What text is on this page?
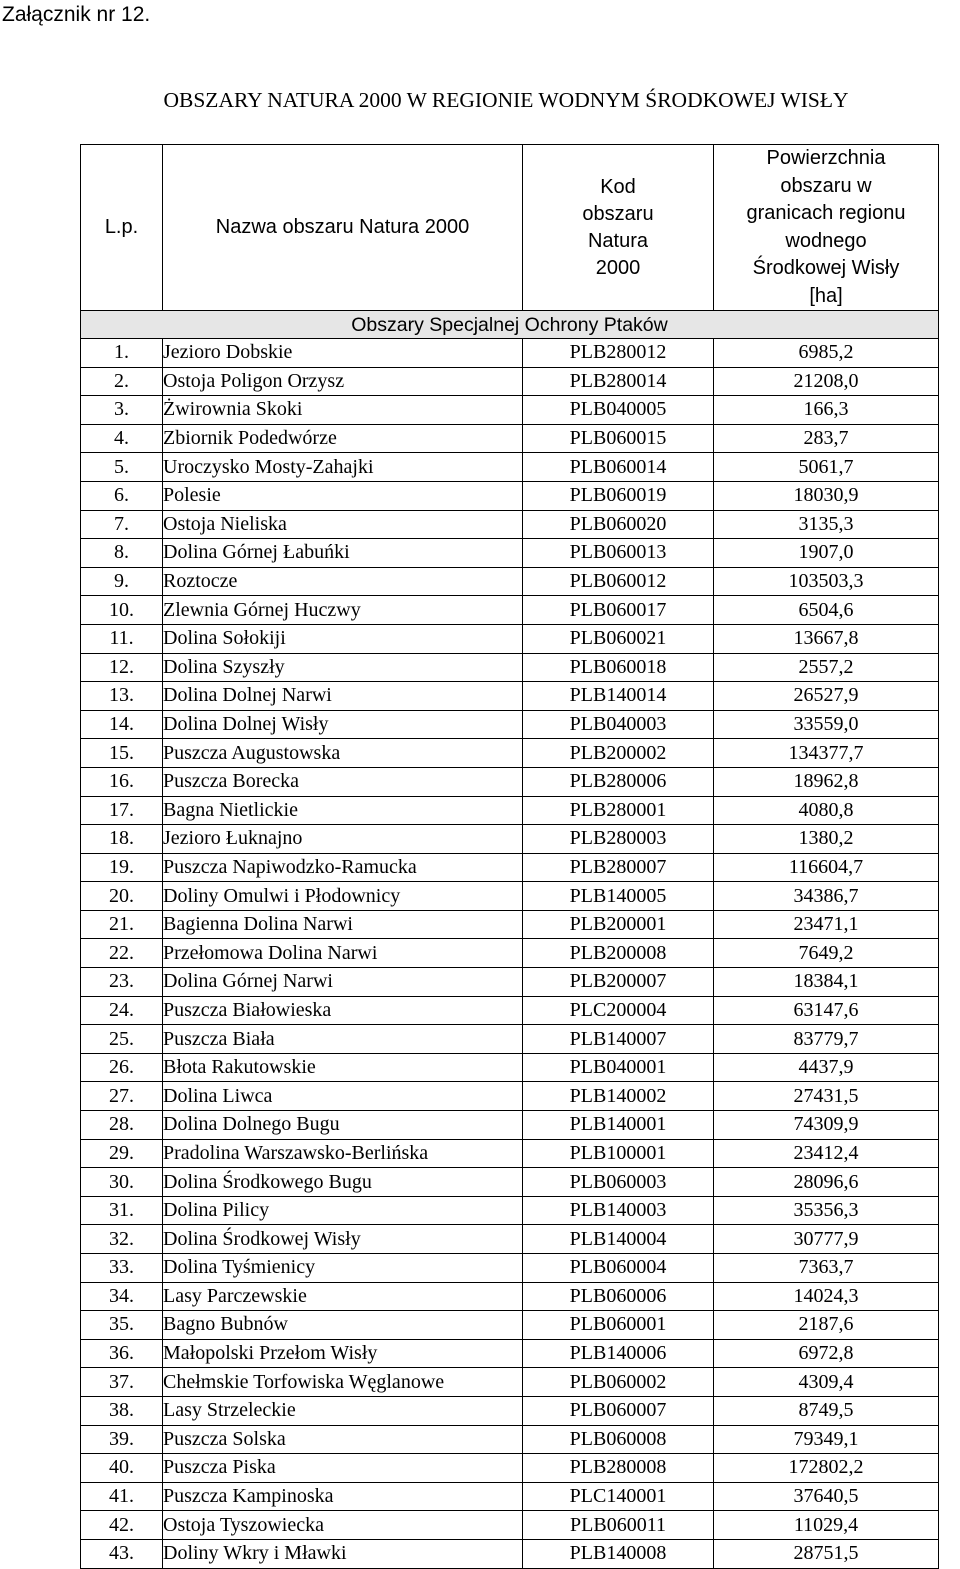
Załącznik nr 12.
OBSZARY NATURA 2000 W REGIONIE WODNYM ŚRODKOWEJ WISŁY
L.p.	Nazwa obszaru Natura 2000	Kod obszaru Natura 2000	Powierzchnia obszaru w granicach regionu wodnego Środkowej Wisły [ha]
Obszary Specjalnej Ochrony Ptaków			
1.	Jezioro Dobskie	PLB280012	6985,2
2.	Ostoja Poligon Orzysz	PLB280014	21208,0
3.	Żwirownia Skoki	PLB040005	166,3
4.	Zbiornik Podedwórze	PLB060015	283,7
5.	Uroczysko Mosty-Zahajki	PLB060014	5061,7
6.	Polesie	PLB060019	18030,9
7.	Ostoja Nieliska	PLB060020	3135,3
8.	Dolina Górnej Łabuńki	PLB060013	1907,0
9.	Roztocze	PLB060012	103503,3
10.	Zlewnia Górnej Huczwy	PLB060017	6504,6
11.	Dolina Sołokiji	PLB060021	13667,8
12.	Dolina Szyszły	PLB060018	2557,2
13.	Dolina Dolnej Narwi	PLB140014	26527,9
14.	Dolina Dolnej Wisły	PLB040003	33559,0
15.	Puszcza Augustowska	PLB200002	134377,7
16.	Puszcza Borecka	PLB280006	18962,8
17.	Bagna Nietlickie	PLB280001	4080,8
18.	Jezioro Łuknajno	PLB280003	1380,2
19.	Puszcza Napiwodzko-Ramucka	PLB280007	116604,7
20.	Doliny Omulwi i Płodownicy	PLB140005	34386,7
21.	Bagienna Dolina Narwi	PLB200001	23471,1
22.	Przełomowa Dolina Narwi	PLB200008	7649,2
23.	Dolina Górnej Narwi	PLB200007	18384,1
24.	Puszcza Białowieska	PLC200004	63147,6
25.	Puszcza Biała	PLB140007	83779,7
26.	Błota Rakutowskie	PLB040001	4437,9
27.	Dolina Liwca	PLB140002	27431,5
28.	Dolina Dolnego Bugu	PLB140001	74309,9
29.	Pradolina Warszawsko-Berlińska	PLB100001	23412,4
30.	Dolina Środkowego Bugu	PLB060003	28096,6
31.	Dolina Pilicy	PLB140003	35356,3
32.	Dolina Środkowej Wisły	PLB140004	30777,9
33.	Dolina Tyśmienicy	PLB060004	7363,7
34.	Lasy Parczewskie	PLB060006	14024,3
35.	Bagno Bubnów	PLB060001	2187,6
36.	Małopolski Przełom Wisły	PLB140006	6972,8
37.	Chełmskie Torfowiska Węglanowe	PLB060002	4309,4
38.	Lasy Strzeleckie	PLB060007	8749,5
39.	Puszcza Solska	PLB060008	79349,1
40.	Puszcza Piska	PLB280008	172802,2
41.	Puszcza Kampinoska	PLC140001	37640,5
42.	Ostoja Tyszowiecka	PLB060011	11029,4
43.	Doliny Wkry i Mławki	PLB140008	28751,5
